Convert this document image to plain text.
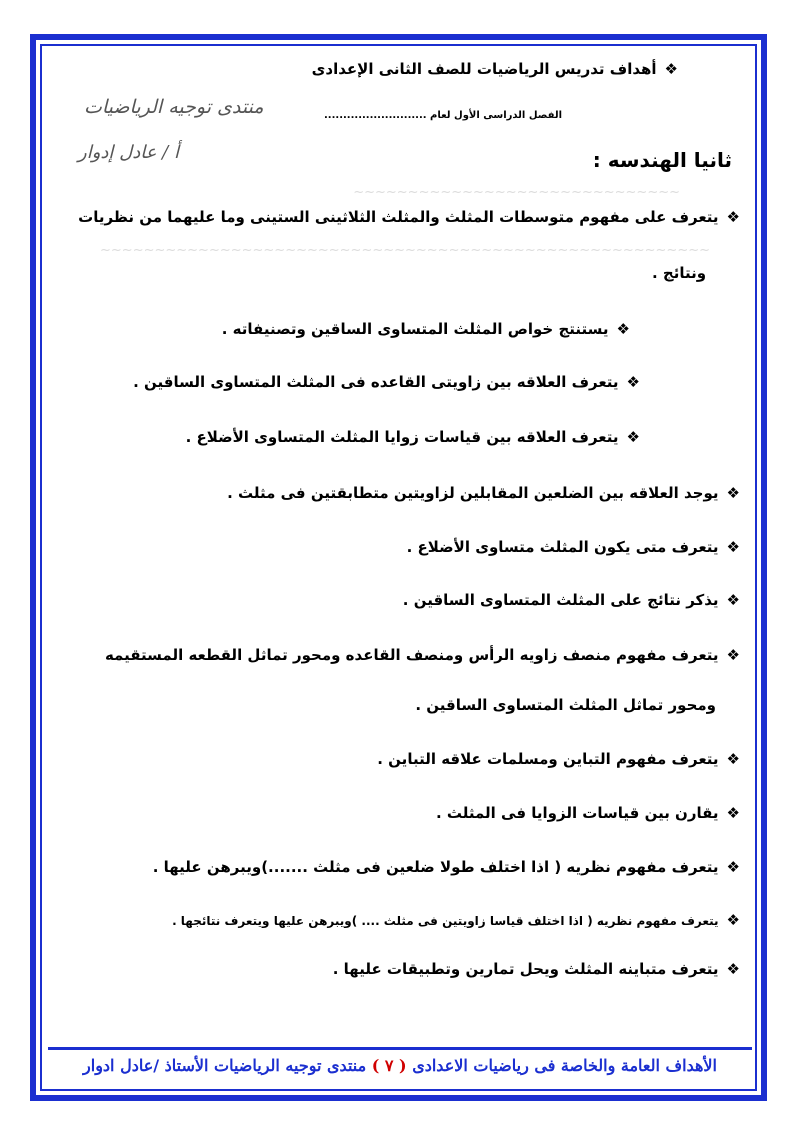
~~~~~~~~~~~~~~~~~~~~~~~~~~~~~~
~~~~~~~~~~~~~~~~~~~~~~~~~~~~~~~~~~~~~~~~~~~~~~~~~~~~~~~~
❖أهداف تدريس الرياضيات للصف الثانى الإعدادى
الفصل الدراسى الأول لعام ...........................
منتدى توجيه الرياضيات
أ / عادل إدوار	ثانيا الهندسه :
❖يتعرف على مفهوم متوسطات المثلث والمثلث الثلاثينى الستينى وما عليهما من نظريات
ونتائج .
❖يستنتج خواص المثلث المتساوى الساقين وتصنيفاته .
❖يتعرف العلاقه بين زاويتى القاعده فى المثلث المتساوى الساقين .
❖يتعرف العلاقه بين قياسات زوايا المثلث المتساوى الأضلاع .
❖يوجد العلاقه بين الضلعين المقابلين لزاويتين متطابقتين فى مثلث .
❖يتعرف متى يكون المثلث متساوى الأضلاع .
❖يذكر نتائج على المثلث المتساوى الساقين .
❖يتعرف مفهوم منصف زاويه الرأس ومنصف القاعده ومحور تماثل القطعه المستقيمه
ومحور تماثل المثلث المتساوى الساقين .
❖يتعرف مفهوم التباين ومسلمات علاقه التباين .
❖يقارن بين قياسات الزوايا فى المثلث .
❖يتعرف مفهوم نظريه ( اذا اختلف طولا ضلعين فى مثلث .......)ويبرهن عليها .
❖يتعرف مفهوم نظريه ( اذا اختلف قياسا زاويتين فى مثلث .... )ويبرهن عليها ويتعرف نتائجها .
❖يتعرف متباينه المثلث ويحل تمارين وتطبيقات عليها .
الأهداف العامة والخاصة فى رياضيات الاعدادى ( ٧ ) منتدى توجيه الرياضيات الأستاذ /عادل ادوار
